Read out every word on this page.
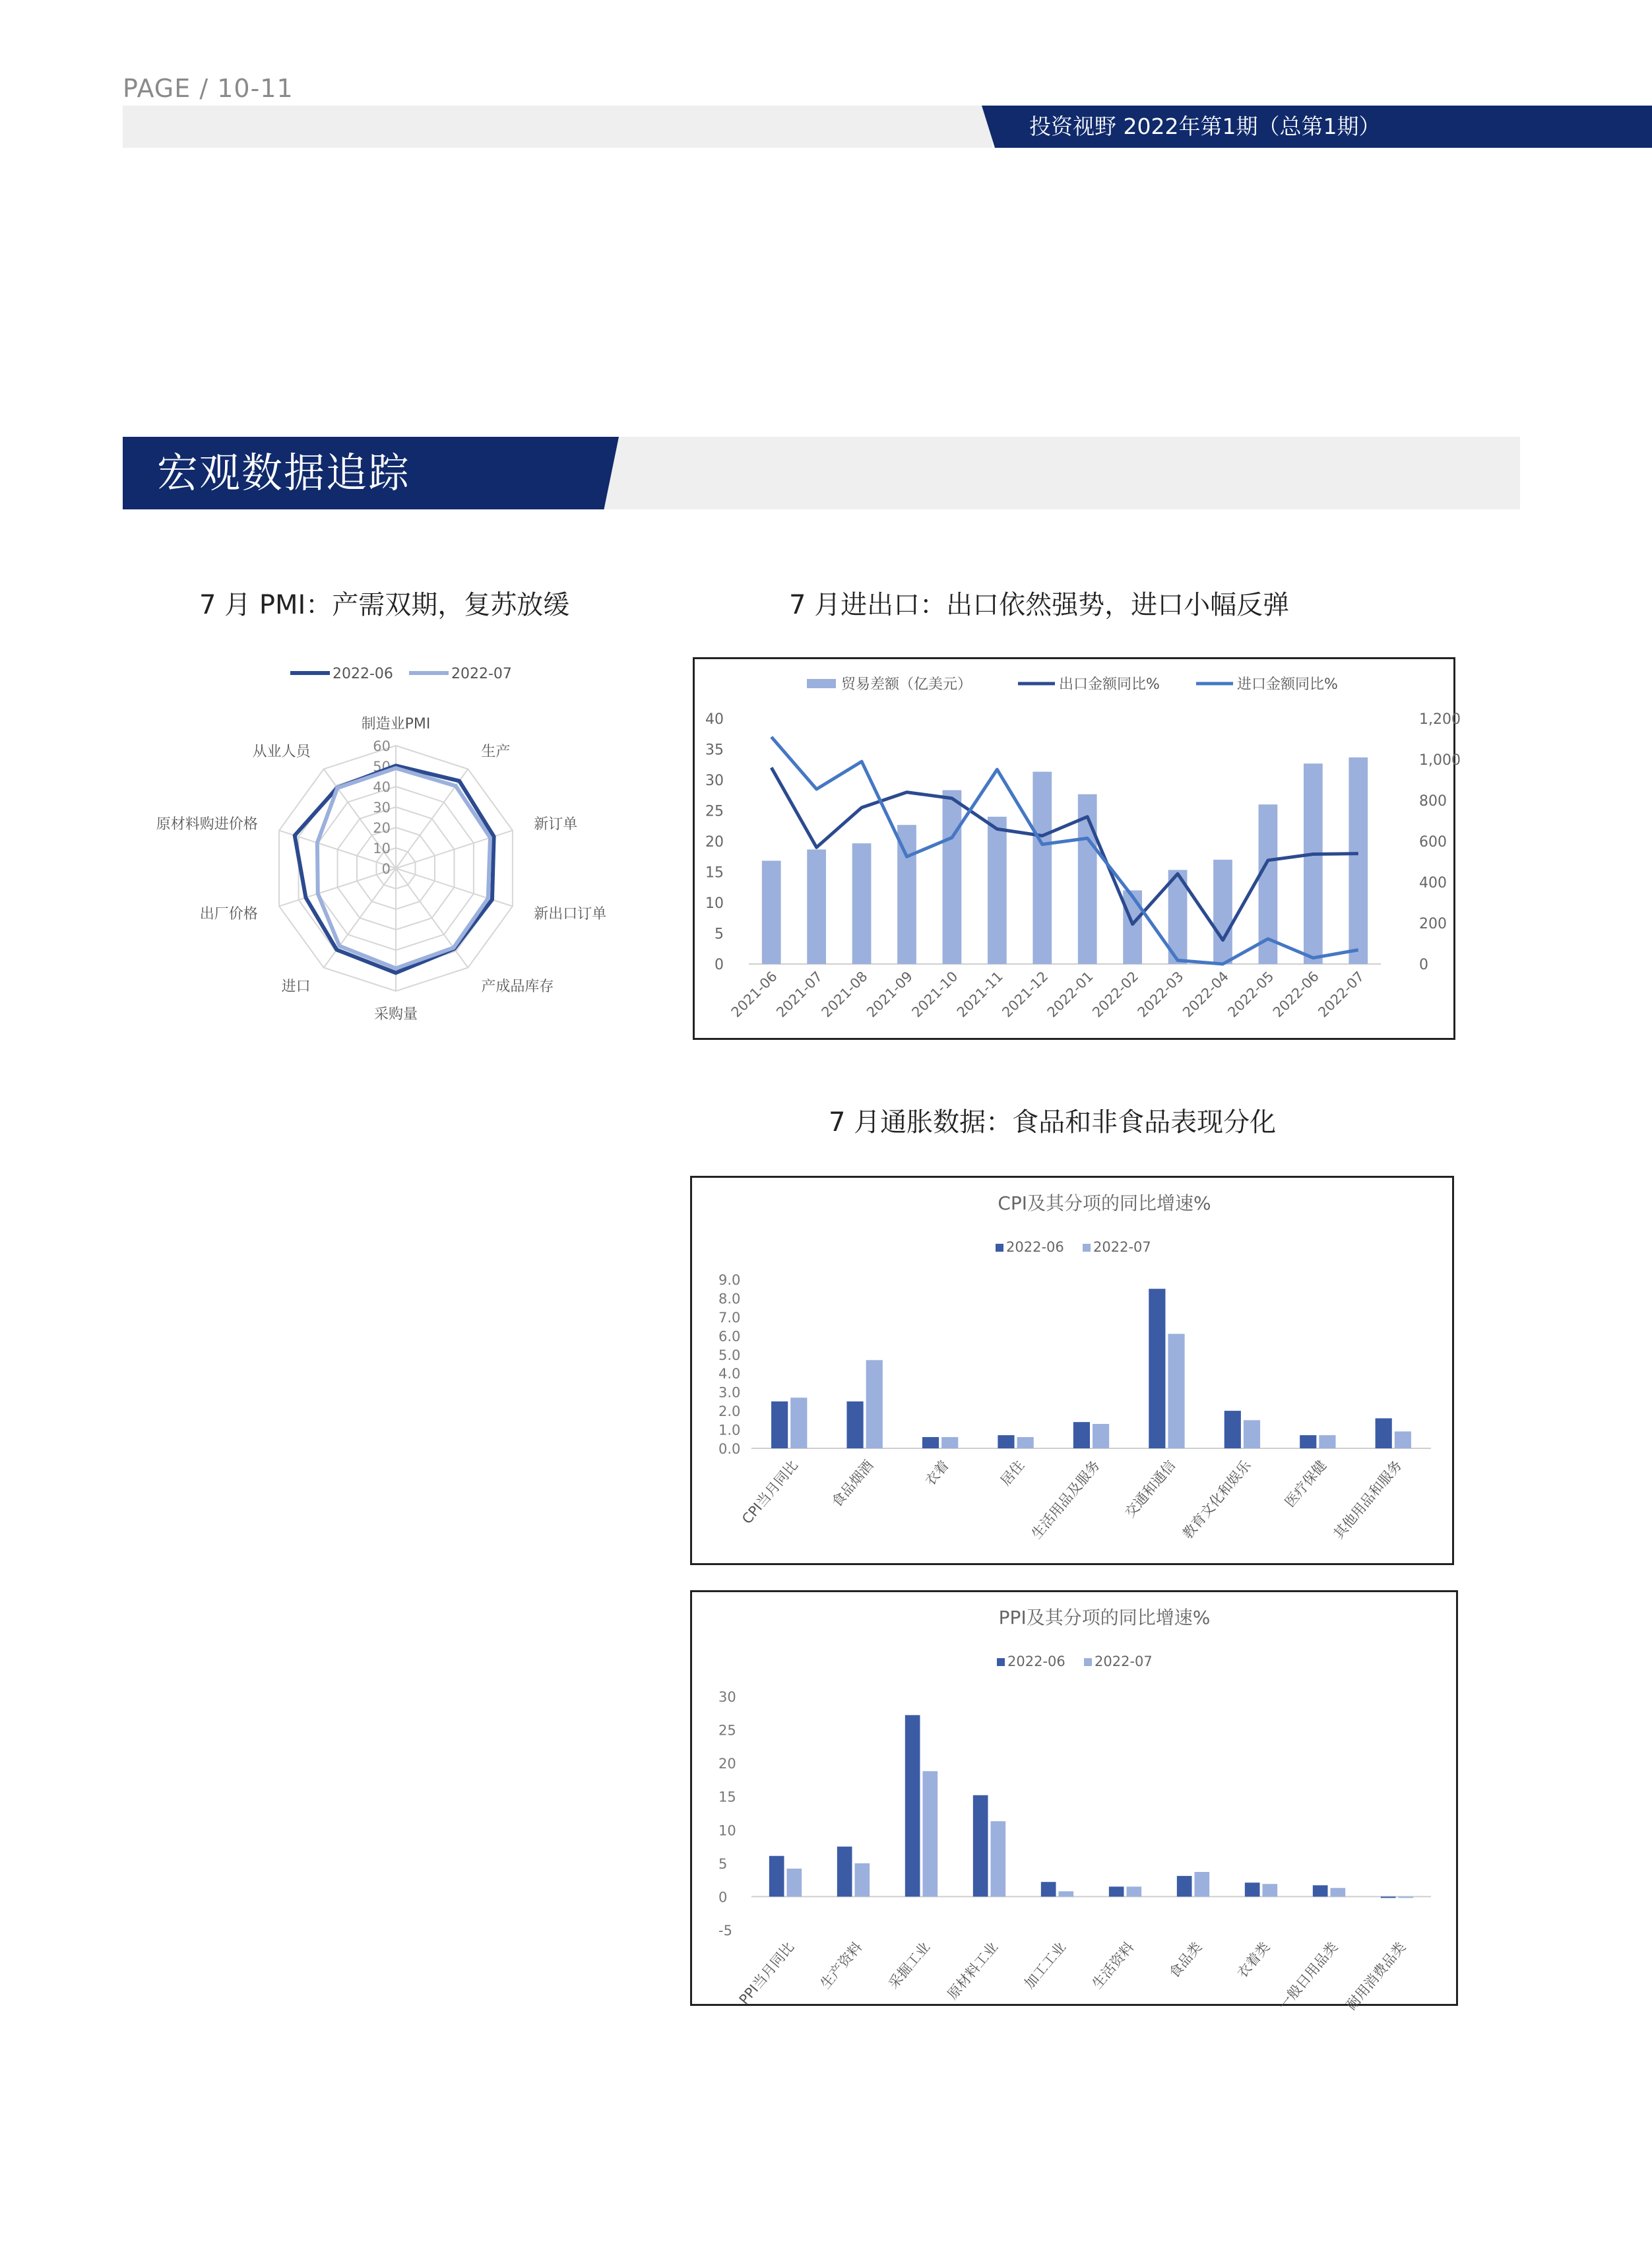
PAGE / 10-11
投资视野 2022年第1期（总第1期）
宏观数据追踪
7 月 PMI：产需双期，复苏放缓	7 月进出口：出口依然强势，进口小幅反弹
7 月通胀数据：食品和非食品表现分化
0
10
20
30
40
50
60
制造业PMI
生产
新订单
新出口订单
产成品库存
采购量
进口
出厂价格
原材料购进价格
从业人员
2022-06	2022-07
0
5
10
15
20
25
30
35
40
0
200
400
600
800
1,000
1,200
2021-06
2021-07
2021-08
2021-09
2021-10
2021-11
2021-12
2022-01
2022-02
2022-03
2022-04
2022-05
2022-06
2022-07
贸易差额（亿美元）	出口金额同比%	进口金额同比%
CPI及其分项的同比增速%
2022-06 2022-07
0.0
1.0
2.0
3.0
4.0
5.0
6.0
7.0
8.0
9.0
CPI当月同比 食品烟酒	衣着	居住 生活用品及服务 交通和通信 教育文化和娱乐 医疗保健 其他用品和服务
PPI及其分项的同比增速%
2022-06 2022-07
-5
0
5
10
15
20
25
30
PPI当月同比 生产资料 采掘工业 原材料工业 加工工业 生活资料 食品类 衣着类 一般日用品类 耐用消费品类
